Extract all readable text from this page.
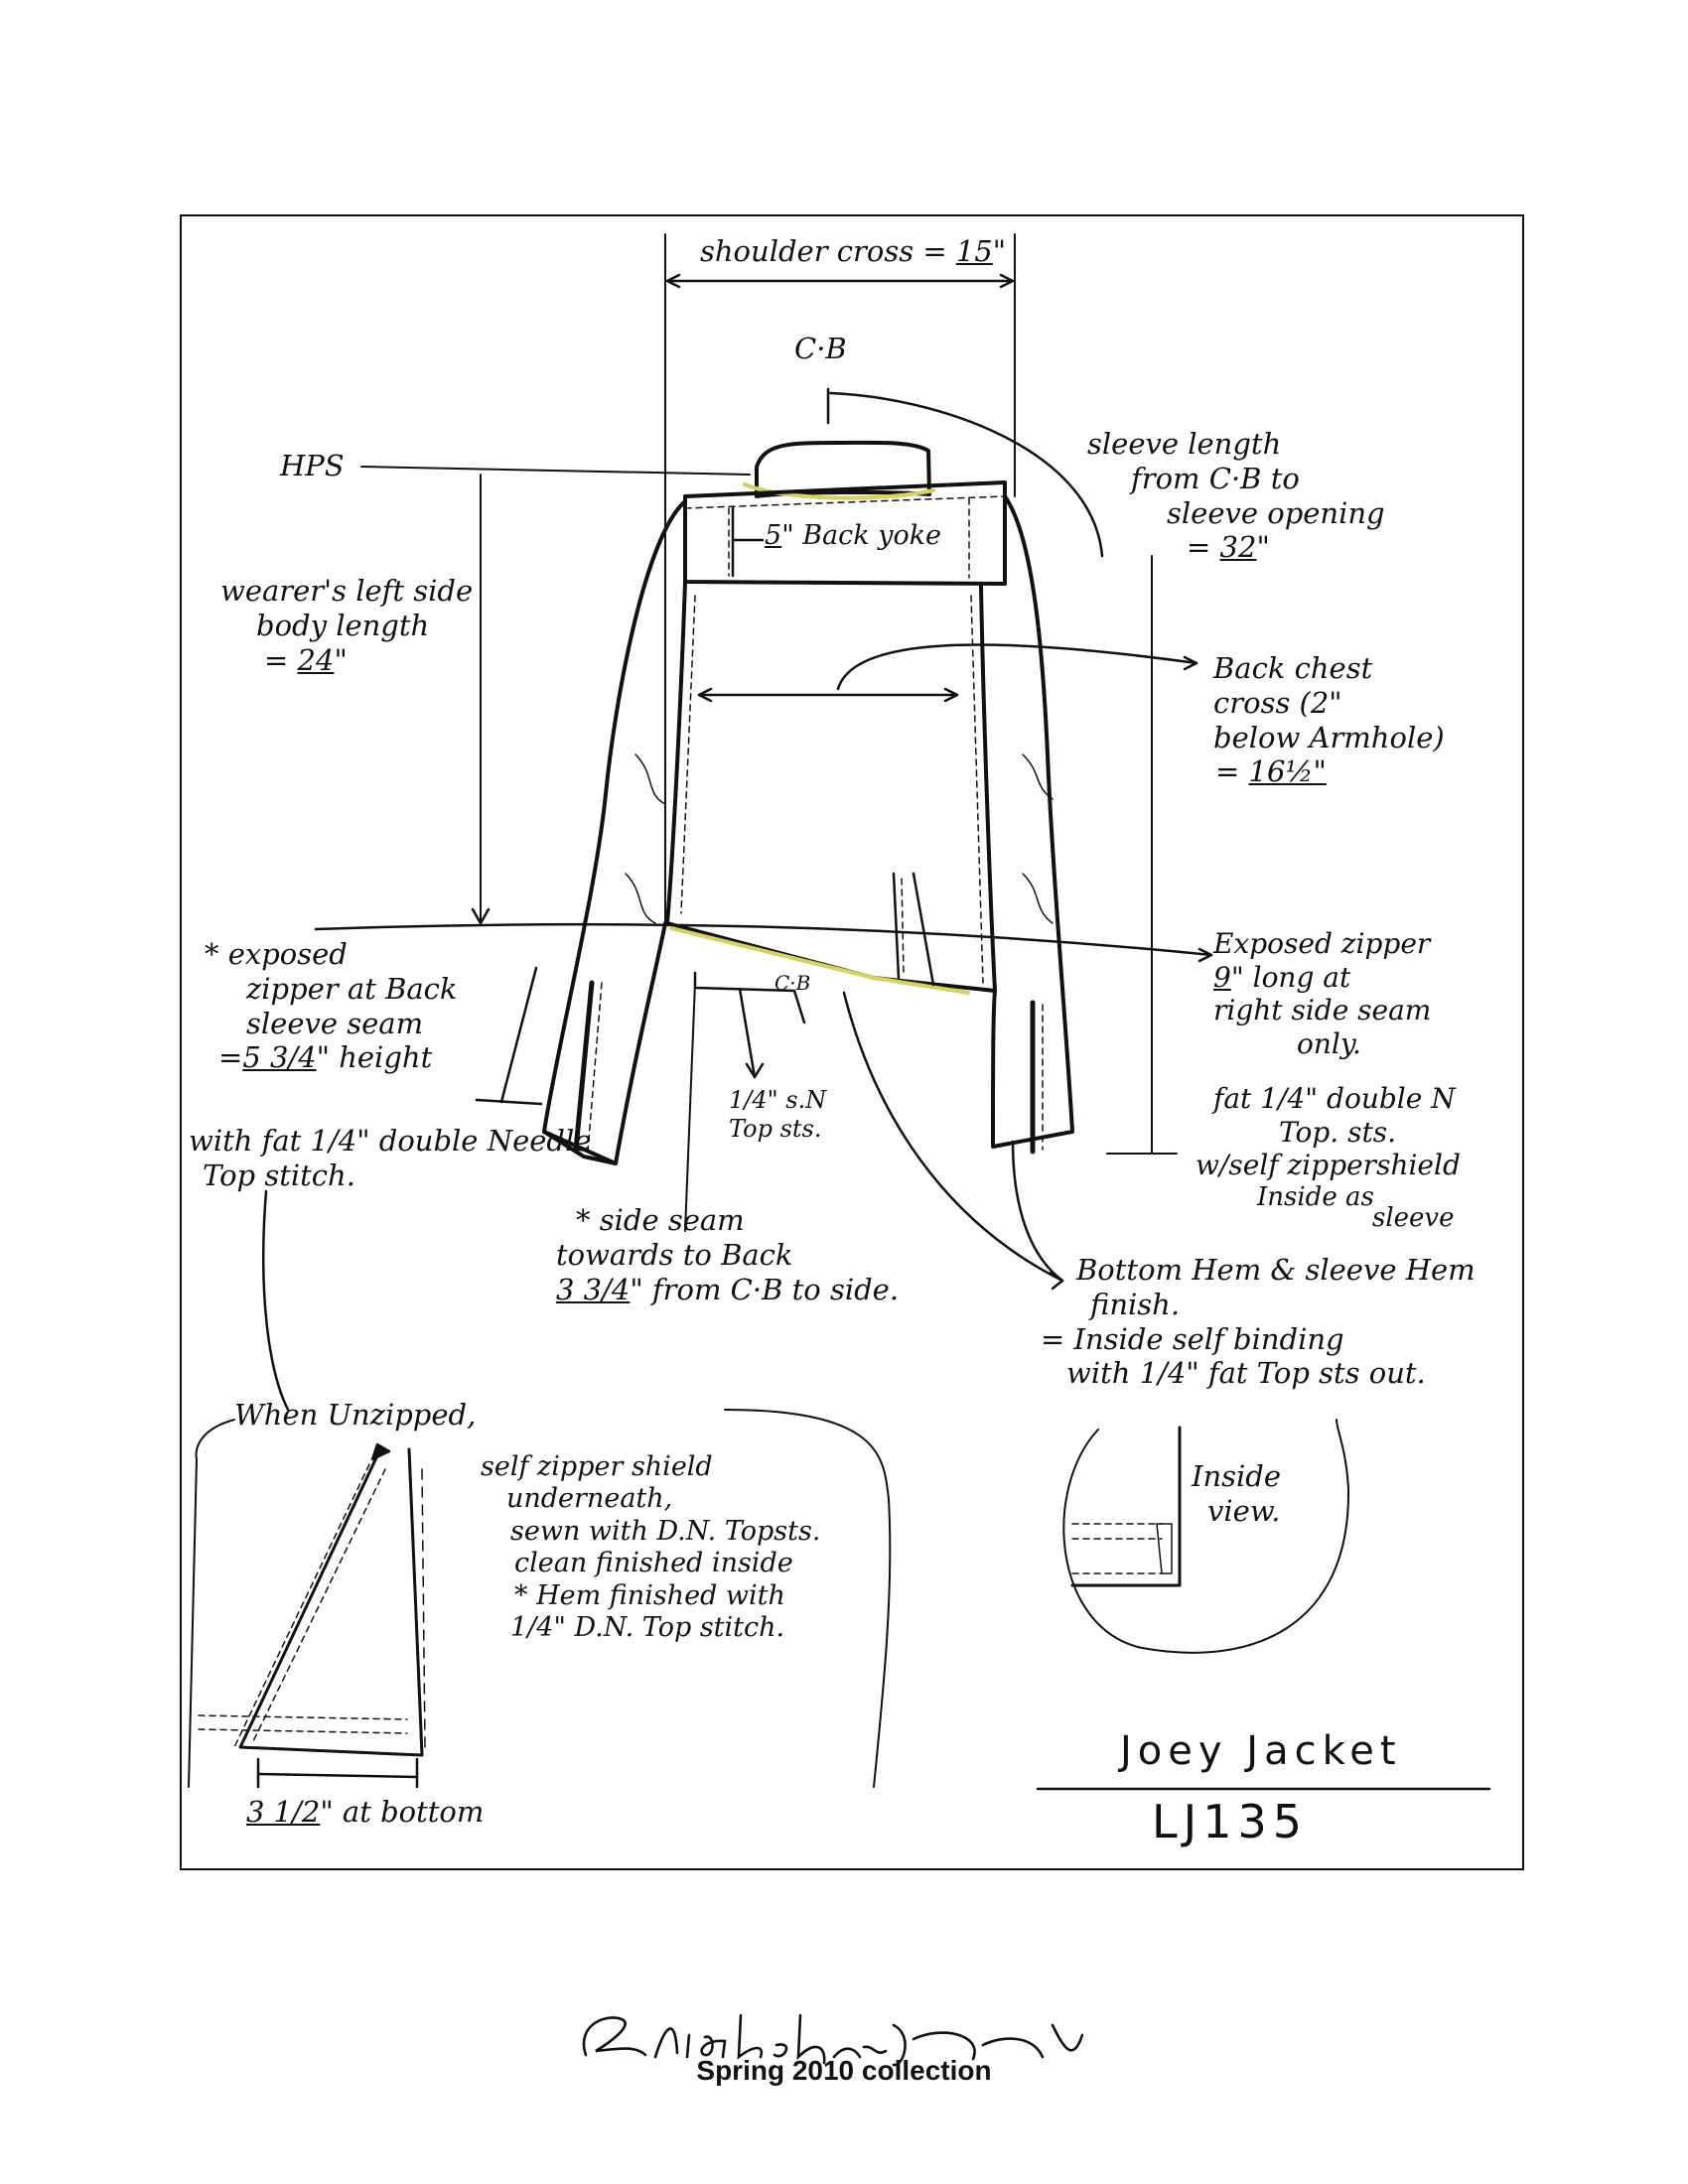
shoulder cross = 15"
C·B
HPS
sleeve length
from C·B to
sleeve opening
= 32"
5" Back yoke
wearer's left side
body length
= 24"	Back chest
cross (2"
below Armhole)
= 16½"
* exposed
zipper at Back
sleeve seam
=5 3/4" height
with fat 1/4" double Needle
Top stitch.
C·B
1/4" s.N
Top sts.
Exposed zipper
9" long at
right side seam
only.
fat 1/4" double N
Top. sts.
w/self zippershield
Inside as
sleeve
* side seam
towards to Back
3 3/4" from C·B to side.
Bottom Hem & sleeve Hem
finish.
= Inside self binding
with 1/4" fat Top sts out.
Inside
view.
When Unzipped,
self zipper shield
underneath,
sewn with D.N. Topsts.
clean finished inside
* Hem finished with
1/4" D.N. Top stitch.
3 1/2" at bottom
Joey Jacket
LJ135
Spring 2010 collection
